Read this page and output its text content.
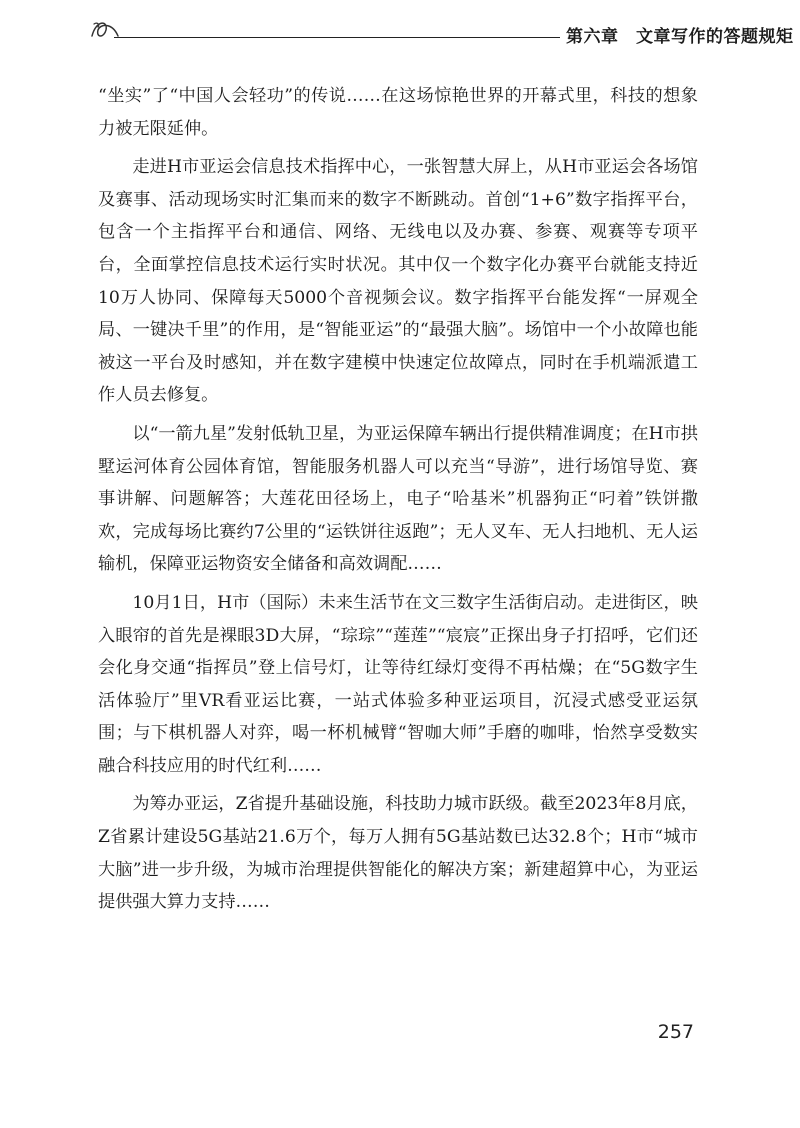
第六章　文章写作的答题规矩

“坐实”了“中国人会轻功”的传说……在这场惊艳世界的开幕式里，科技的想象力被无限延伸。

走进H市亚运会信息技术指挥中心，一张智慧大屏上，从H市亚运会各场馆及赛事、活动现场实时汇集而来的数字不断跳动。首创“1+6”数字指挥平台，包含一个主指挥平台和通信、网络、无线电以及办赛、参赛、观赛等专项平台，全面掌控信息技术运行实时状况。其中仅一个数字化办赛平台就能支持近10万人协同、保障每天5000个音视频会议。数字指挥平台能发挥“一屏观全局、一键决千里”的作用，是“智能亚运”的“最强大脑”。场馆中一个小故障也能被这一平台及时感知，并在数字建模中快速定位故障点，同时在手机端派遣工作人员去修复。

以“一箭九星”发射低轨卫星，为亚运保障车辆出行提供精准调度；在H市拱墅运河体育公园体育馆，智能服务机器人可以充当“导游”，进行场馆导览、赛事讲解、问题解答；大莲花田径场上，电子“哈基米”机器狗正“叼着”铁饼撒欢，完成每场比赛约7公里的“运铁饼往返跑”；无人叉车、无人扫地机、无人运输机，保障亚运物资安全储备和高效调配……

10月1日，H市（国际）未来生活节在文三数字生活街启动。走进街区，映入眼帘的首先是裸眼3D大屏，“琮琮”“莲莲”“宸宸”正探出身子打招呼，它们还会化身交通“指挥员”登上信号灯，让等待红绿灯变得不再枯燥；在“5G数字生活体验厅”里VR看亚运比赛，一站式体验多种亚运项目，沉浸式感受亚运氛围；与下棋机器人对弈，喝一杯机械臂“智咖大师”手磨的咖啡，怡然享受数实融合科技应用的时代红利……

为筹办亚运，Z省提升基础设施，科技助力城市跃级。截至2023年8月底，Z省累计建设5G基站21.6万个，每万人拥有5G基站数已达32.8个；H市“城市大脑”进一步升级，为城市治理提供智能化的解决方案；新建超算中心，为亚运提供强大算力支持……

257
